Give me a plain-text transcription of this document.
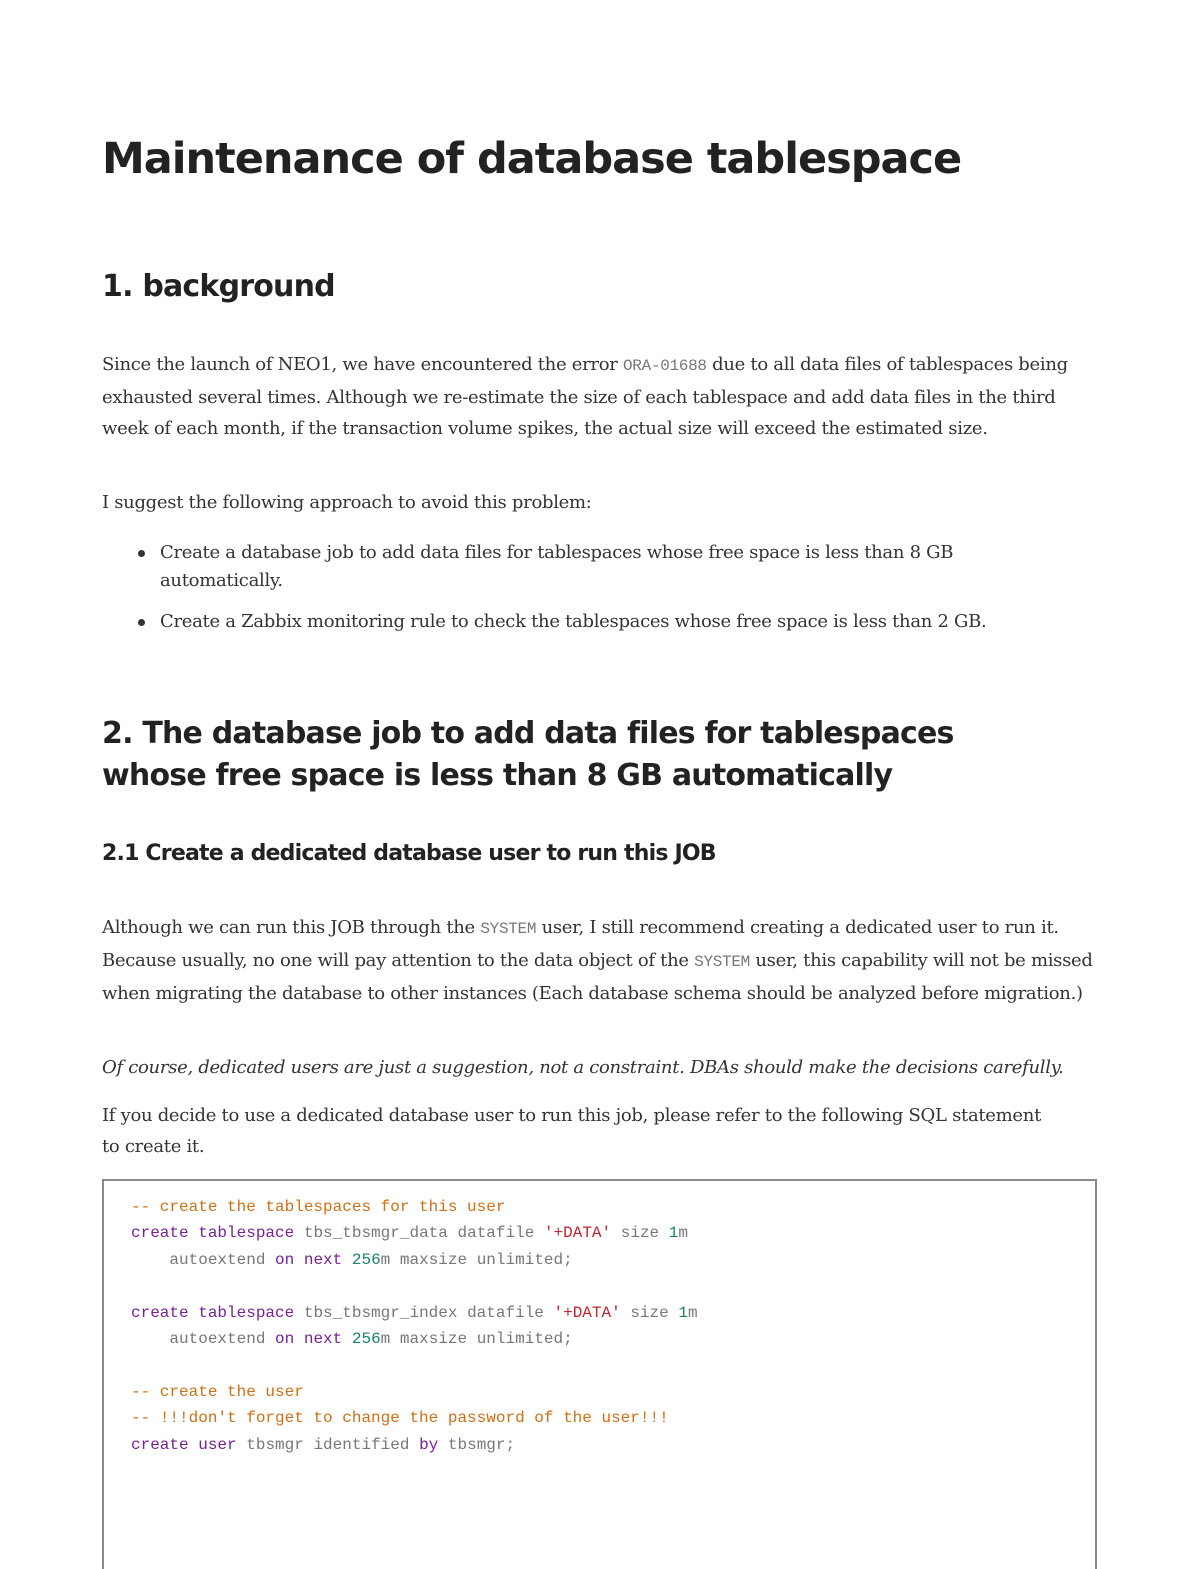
Maintenance of database tablespace
1. background

Since the launch of NEO1, we have encountered the error ORA-01688 due to all data files of tablespaces being exhausted several times. Although we re-estimate the size of each tablespace and add data files in the third week of each month, if the transaction volume spikes, the actual size will exceed the estimated size.

I suggest the following approach to avoid this problem:

Create a database job to add data files for tablespaces whose free space is less than 8 GB automatically.
Create a Zabbix monitoring rule to check the tablespaces whose free space is less than 2 GB.
2. The database job to add data files for tablespaces whose free space is less than 8 GB automatically
2.1 Create a dedicated database user to run this JOB

Although we can run this JOB through the SYSTEM user, I still recommend creating a dedicated user to run it. Because usually, no one will pay attention to the data object of the SYSTEM user, this capability will not be missed when migrating the database to other instances (Each database schema should be analyzed before migration.)

Of course, dedicated users are just a suggestion, not a constraint. DBAs should make the decisions carefully.

If you decide to use a dedicated database user to run this job, please refer to the following SQL statement to create it.

-- create the tablespaces for this user
create tablespace tbs_tbsmgr_data datafile '+DATA' size 1m
autoextend on next 256m maxsize unlimited;

create tablespace tbs_tbsmgr_index datafile '+DATA' size 1m
autoextend on next 256m maxsize unlimited;

-- create the user
-- !!!don't forget to change the password of the user!!!
create user tbsmgr identified by tbsmgr;
